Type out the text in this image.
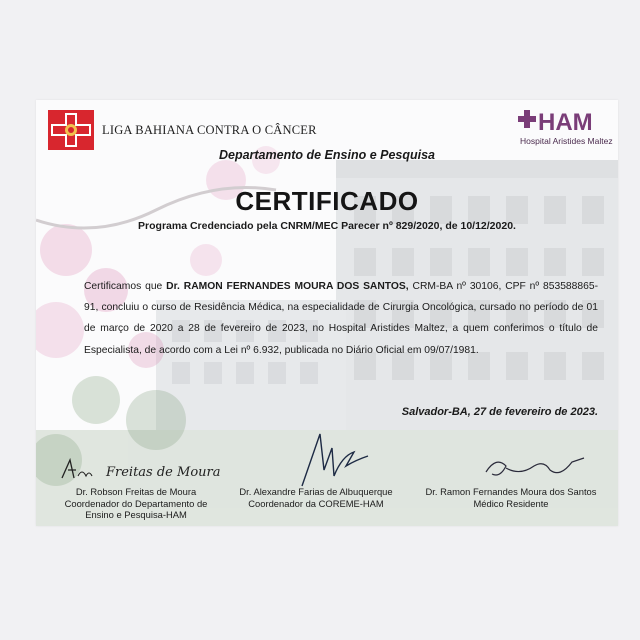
LIGA BAHIANA CONTRA O CÂNCER	HAM
Hospital Aristides Maltez
Departamento de Ensino e Pesquisa
CERTIFICADO
Programa Credenciado pela CNRM/MEC Parecer nº 829/2020, de 10/12/2020.
Certificamos que Dr. RAMON FERNANDES MOURA DOS SANTOS, CRM-BA nº 30106, CPF nº 853588865-91, concluiu o curso de Residência Médica, na especialidade de Cirurgia Oncológica, cursado no período de 01 de março de 2020 a 28 de fevereiro de 2023, no Hospital Aristides Maltez, a quem conferimos o título de Especialista, de acordo com a Lei nº 6.932, publicada no Diário Oficial em 09/07/1981.
Salvador-BA, 27 de fevereiro de 2023.
Freitas de Moura
Dr. Robson Freitas de Moura
Coordenador do Departamento de
Ensino e Pesquisa-HAM
Dr. Alexandre Farias de Albuquerque
Coordenador da COREME-HAM
Dr. Ramon Fernandes Moura dos Santos
Médico Residente
